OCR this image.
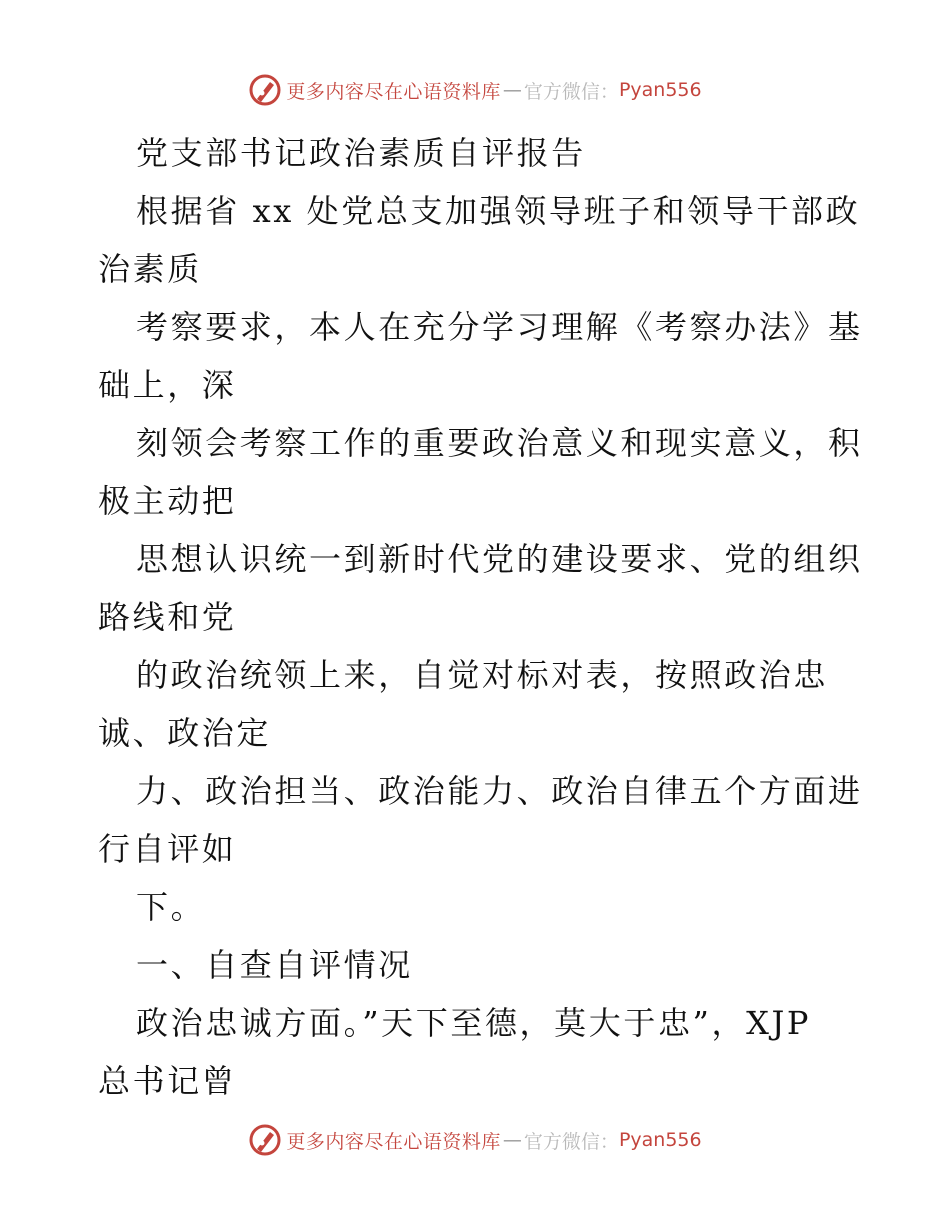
更多内容尽在心语资料库 — 官方微信： Pyan556
党支部书记政治素质自评报告
根据省 xx 处党总支加强领导班子和领导干部政
治素质
考察要求，本人在充分学习理解《考察办法》基
础上，深
刻领会考察工作的重要政治意义和现实意义，积
极主动把
思想认识统一到新时代党的建设要求、党的组织
路线和党
的政治统领上来，自觉对标对表，按照政治忠
诚、政治定
力、政治担当、政治能力、政治自律五个方面进
行自评如
下。
一、自查自评情况
政治忠诚方面。”天下至德，莫大于忠”，XJP
总书记曾
更多内容尽在心语资料库 — 官方微信： Pyan556
